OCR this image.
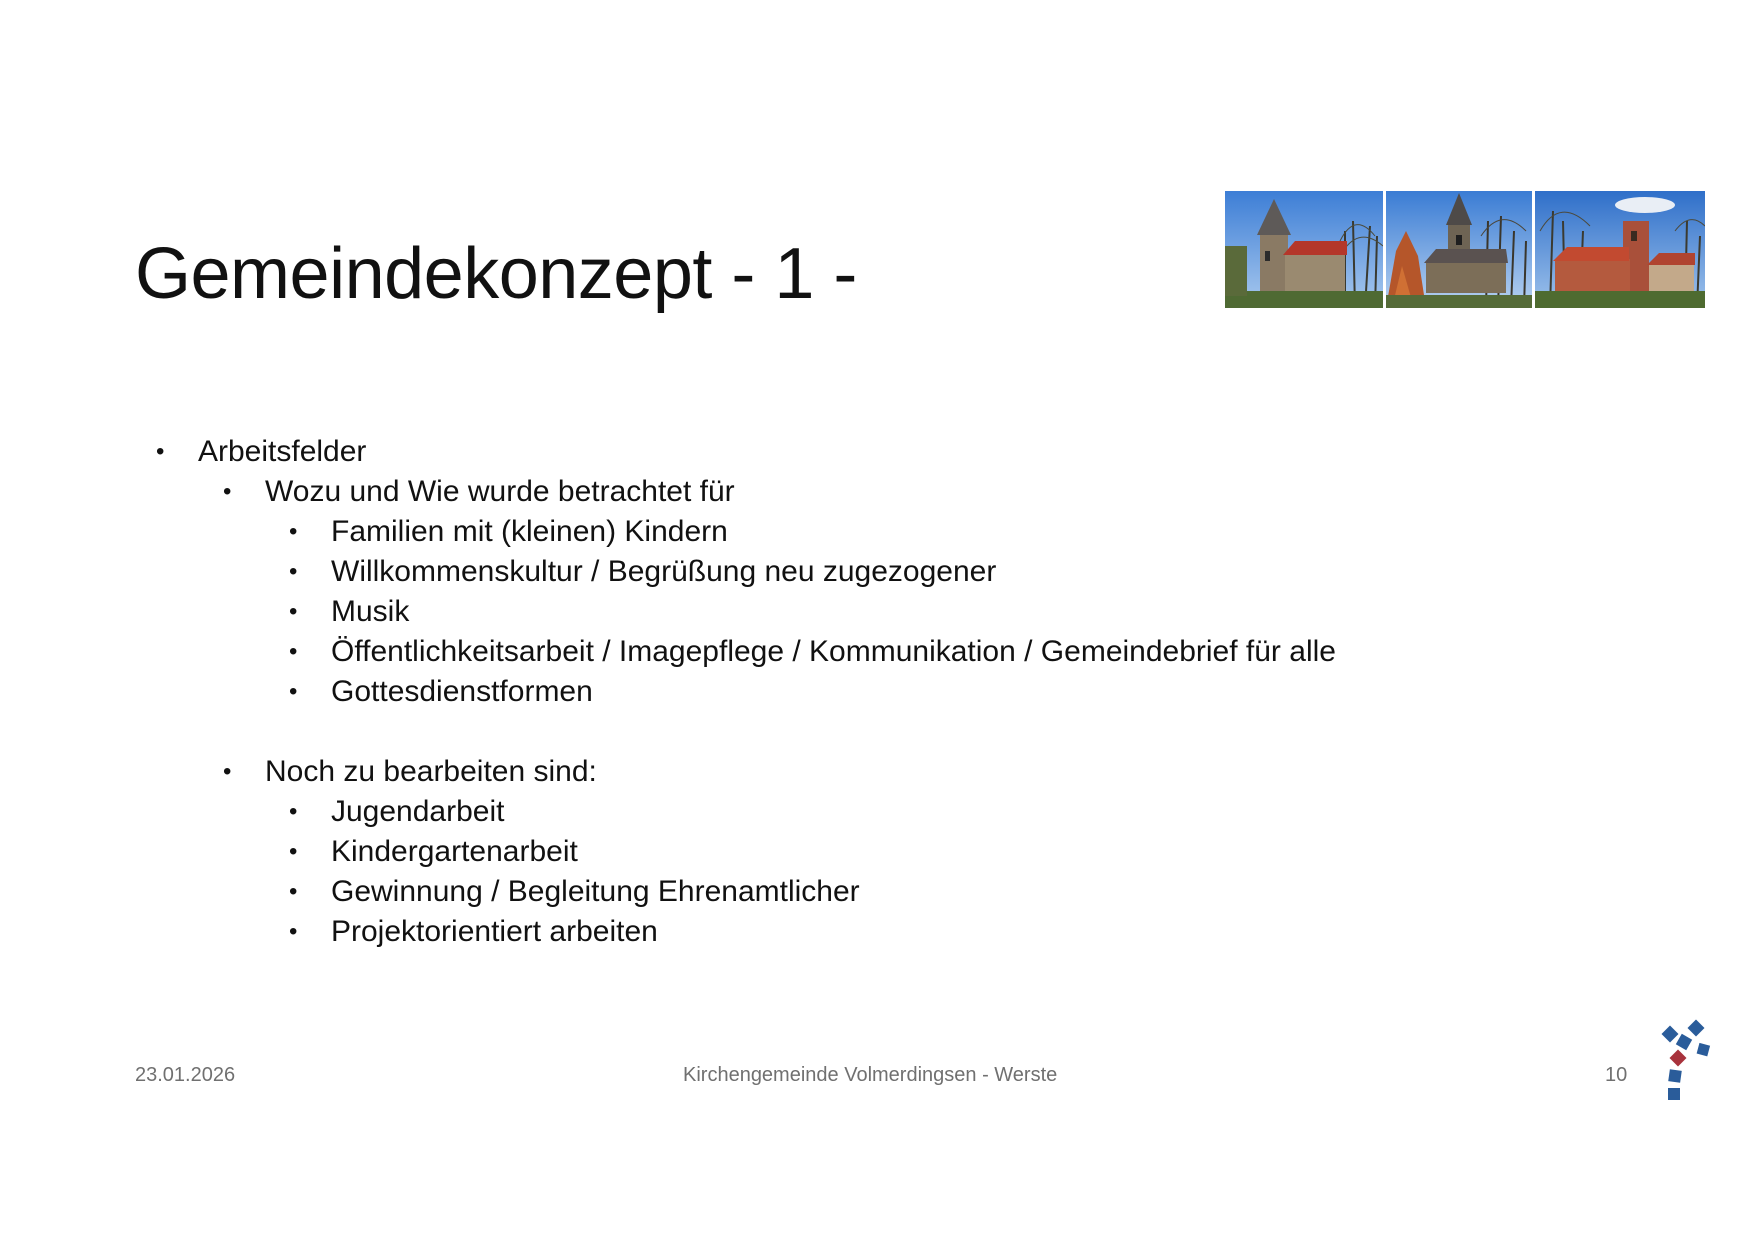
Gemeindekonzept - 1 -
• Arbeitsfelder
• Wozu und Wie wurde betrachtet für
• Familien mit (kleinen) Kindern
• Willkommenskultur / Begrüßung neu zugezogener
• Musik
• Öffentlichkeitsarbeit / Imagepflege / Kommunikation / Gemeindebrief für alle
• Gottesdienstformen
• Noch zu bearbeiten sind:
• Jugendarbeit
• Kindergartenarbeit
• Gewinnung / Begleitung Ehrenamtlicher
• Projektorientiert arbeiten
23.01.2026	Kirchengemeinde Volmerdingsen - Werste	10
